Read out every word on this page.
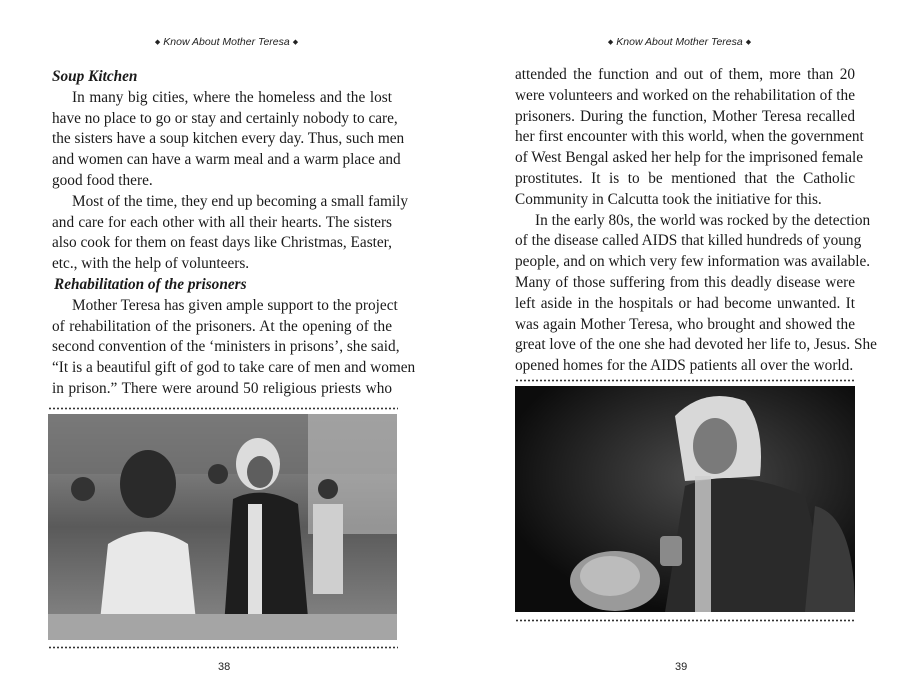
◆ Know About Mother Teresa ◆
Soup Kitchen
In many big cities, where the homeless and the lost
have no place to go or stay and certainly nobody to care,
the sisters have a soup kitchen every day. Thus, such men
and women can have a warm meal and a warm place and
good food there.
Most of the time, they end up becoming a small family
and care for each other with all their hearts. The sisters
also cook for them on feast days like Christmas, Easter,
etc., with the help of volunteers.
Rehabilitation of the prisoners
Mother Teresa has given ample support to the project
of rehabilitation of the prisoners. At the opening of the
second convention of the ‘ministers in prisons’, she said,
“It is a beautiful gift of god to take care of men and women
in prison.” There were around 50 religious priests who
38
◆ Know About Mother Teresa ◆
attended the function and out of them, more than 20
were volunteers and worked on the rehabilitation of the
prisoners. During the function, Mother Teresa recalled
her first encounter with this world, when the government
of West Bengal asked her help for the imprisoned female
prostitutes. It is to be mentioned that the Catholic
Community in Calcutta took the initiative for this.
In the early 80s, the world was rocked by the detection
of the disease called AIDS that killed hundreds of young
people, and on which very few information was available.
Many of those suffering from this deadly disease were
left aside in the hospitals or had become unwanted. It
was again Mother Teresa, who brought and showed the
great love of the one she had devoted her life to, Jesus. She
opened homes for the AIDS patients all over the world.
39
